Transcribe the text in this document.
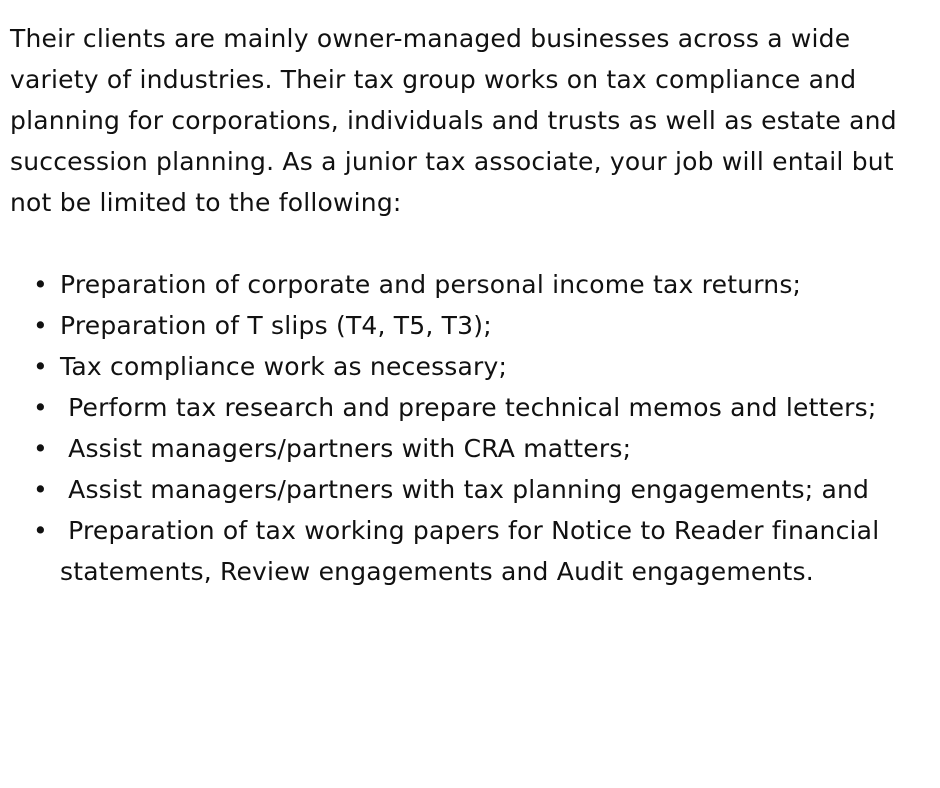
Their clients are mainly owner-managed businesses across a wide variety of industries. Their tax group works on tax compliance and planning for corporations, individuals and trusts as well as estate and succession planning. As a junior tax associate, your job will entail but not be limited to the following:

• Preparation of corporate and personal income tax returns;
• Preparation of T slips (T4, T5, T3);
• Tax compliance work as necessary;
• Perform tax research and prepare technical memos and letters;
• Assist managers/partners with CRA matters;
• Assist managers/partners with tax planning engagements; and
• Preparation of tax working papers for Notice to Reader financial statements, Review engagements and Audit engagements.
